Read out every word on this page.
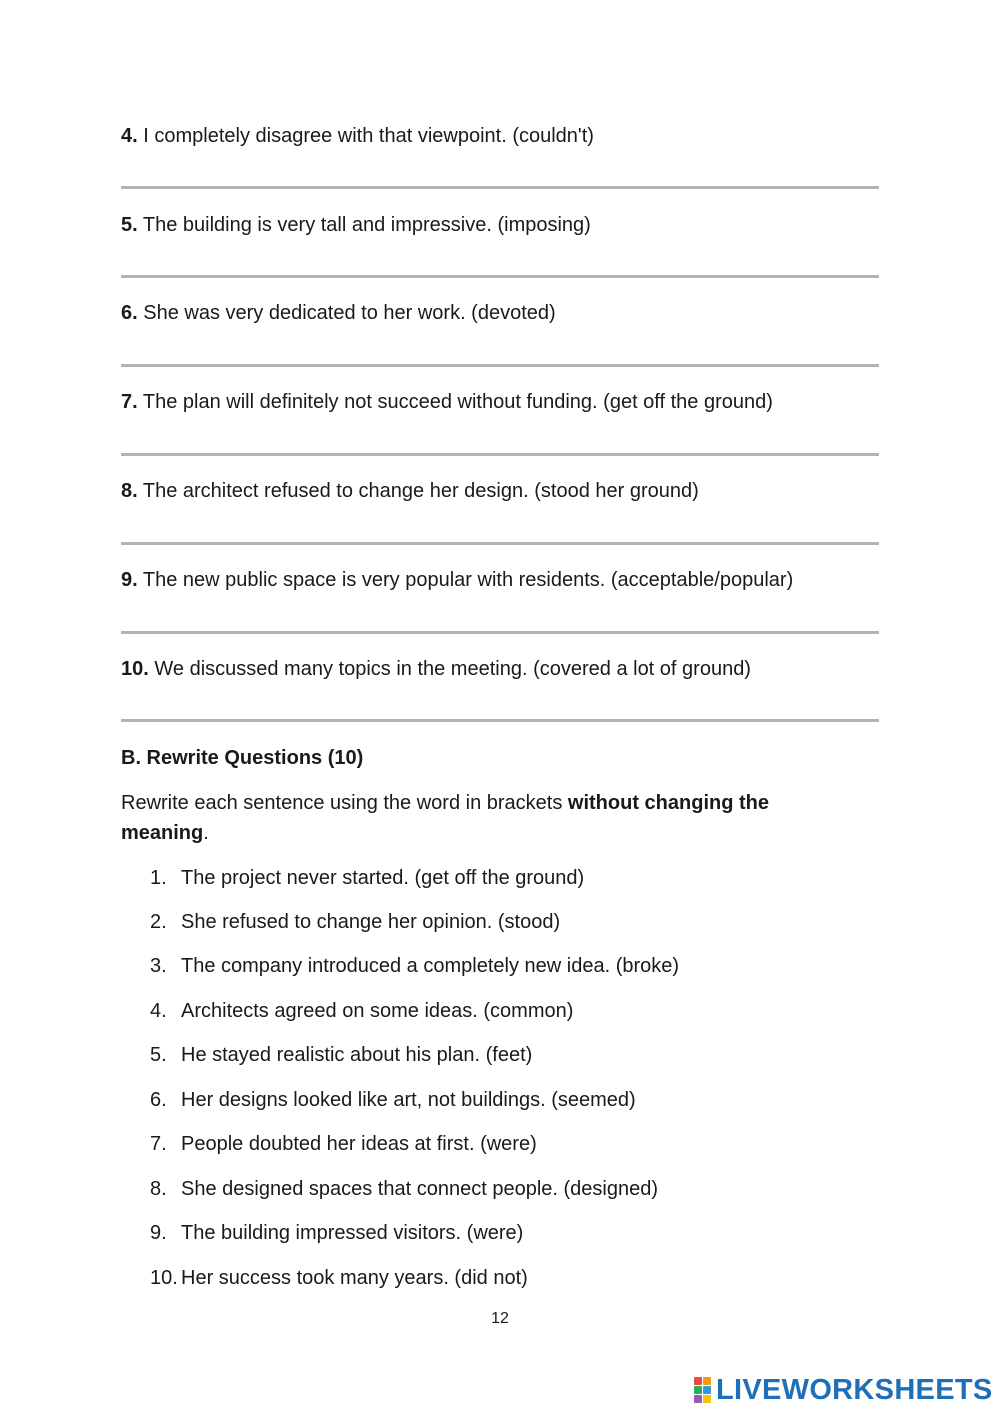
4. I completely disagree with that viewpoint. (couldn't)
5. The building is very tall and impressive. (imposing)
6. She was very dedicated to her work. (devoted)
7. The plan will definitely not succeed without funding. (get off the ground)
8. The architect refused to change her design. (stood her ground)
9. The new public space is very popular with residents. (acceptable/popular)
10. We discussed many topics in the meeting. (covered a lot of ground)
B. Rewrite Questions (10)
Rewrite each sentence using the word in brackets without changing the meaning.
1. The project never started. (get off the ground)
2. She refused to change her opinion. (stood)
3. The company introduced a completely new idea. (broke)
4. Architects agreed on some ideas. (common)
5. He stayed realistic about his plan. (feet)
6. Her designs looked like art, not buildings. (seemed)
7. People doubted her ideas at first. (were)
8. She designed spaces that connect people. (designed)
9. The building impressed visitors. (were)
10. Her success took many years. (did not)
12
LIVEWORKSHEETS
